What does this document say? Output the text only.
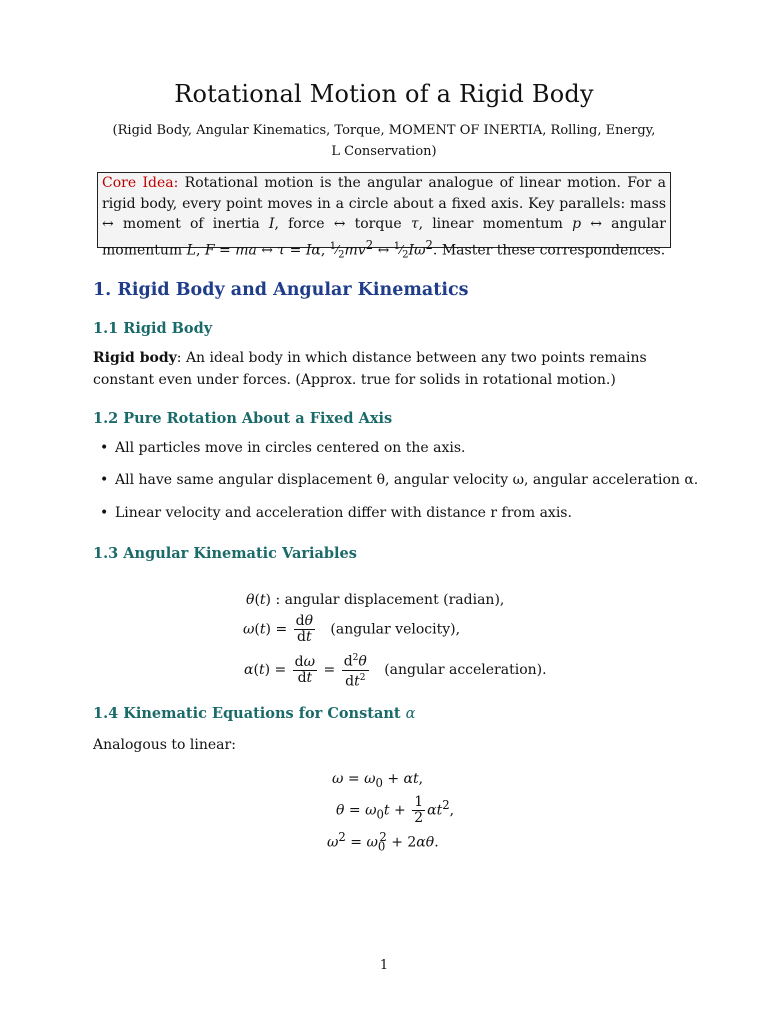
Rotational Motion of a Rigid Body
(Rigid Body, Angular Kinematics, Torque, MOMENT OF INERTIA, Rolling, Energy, L Conservation)
Core Idea: Rotational motion is the angular analogue of linear motion. For a rigid body, every point moves in a circle about a fixed axis. Key parallels: mass ↔ moment of inertia I, force ↔ torque τ, linear momentum p ↔ angular momentum L, F = ma ↔ τ = Iα, $^1⁄_2mv^2$ ↔ $^1⁄_2I\omega^2$. Master these correspondences.
1. Rigid Body and Angular Kinematics
1.1 Rigid Body
Rigid body: An ideal body in which distance between any two points remains constant even under forces. (Approx. true for solids in rotational motion.)
1.2 Pure Rotation About a Fixed Axis
• All particles move in circles centered on the axis.
• All have same angular displacement θ, angular velocity ω, angular acceleration α.
• Linear velocity and acceleration differ with distance r from axis.
1.3 Angular Kinematic Variables
θ(t) : angular displacement (radian),
$\omega(t) = \frac{d\theta}{dt}$ (angular velocity),
$\alpha(t) = \frac{d\omega}{dt} = \frac{d^2\theta}{dt^2}$ (angular acceleration).
1.4 Kinematic Equations for Constant α
Analogous to linear:
$\omega = \omega_0 + \alpha t$,
$\theta = \omega_0t + \frac{1}{2} \alpha t^2$,
$\omega^2 = \omega_0^2 + 2\alpha\theta$.
1
